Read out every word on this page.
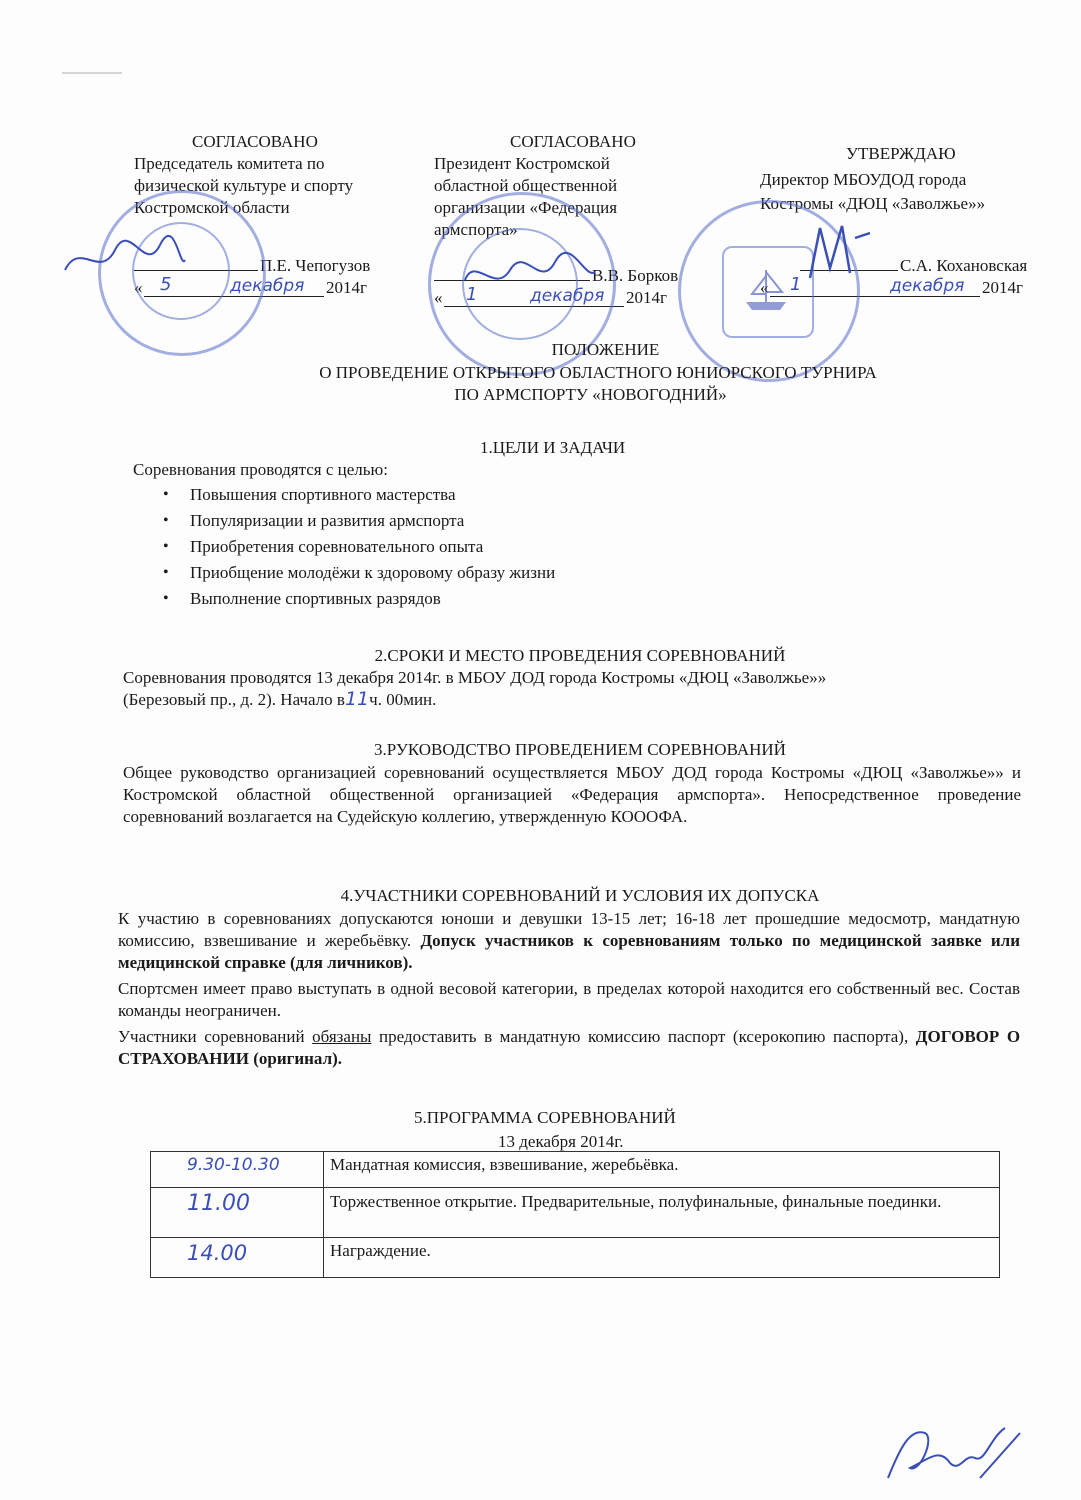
СОГЛАСОВАНО
Председатель комитета по
физической культуре и спорту
Костромской области
П.Е. Чепогузов
« 5	декабря 2014г
СОГЛАСОВАНО
Президент Костромской
областной общественной
организации «Федерация
армспорта»
В.В. Борков
« 1	декабря 2014г
УТВЕРЖДАЮ
Директор МБОУДОД города
Костромы «ДЮЦ «Заволжье»»
С.А. Кохановская
« 1	декабря 2014г
ПОЛОЖЕНИЕ
О ПРОВЕДЕНИЕ ОТКРЫТОГО ОБЛАСТНОГО ЮНИОРСКОГО ТУРНИРА
ПО АРМСПОРТУ «НОВОГОДНИЙ»
1.ЦЕЛИ И ЗАДАЧИ
Соревнования проводятся с целью:
• Повышения спортивного мастерства
• Популяризации и развития армспорта
• Приобретения соревновательного опыта
• Приобщение молодёжи к здоровому образу жизни
• Выполнение спортивных разрядов
2.СРОКИ И МЕСТО ПРОВЕДЕНИЯ СОРЕВНОВАНИЙ
Соревнования проводятся 13 декабря 2014г. в МБОУ ДОД города Костромы «ДЮЦ «Заволжье»»
(Березовый пр., д. 2). Начало в11ч. 00мин.
3.РУКОВОДСТВО ПРОВЕДЕНИЕМ СОРЕВНОВАНИЙ
Общее руководство организацией соревнований осуществляется МБОУ ДОД города Костромы «ДЮЦ «Заволжье»» и Костромской областной общественной организацией «Федерация армспорта». Непосредственное проведение соревнований возлагается на Судейскую коллегию, утвержденную КОООФА.
4.УЧАСТНИКИ СОРЕВНОВАНИЙ И УСЛОВИЯ ИХ ДОПУСКА
К участию в соревнованиях допускаются юноши и девушки 13-15 лет; 16-18 лет прошедшие медосмотр, мандатную комиссию, взвешивание и жеребьёвку. Допуск участников к соревнованиям только по медицинской заявке или медицинской справке (для личников).
Спортсмен имеет право выступать в одной весовой категории, в пределах которой находится его собственный вес. Состав команды неограничен.
Участники соревнований обязаны предоставить в мандатную комиссию паспорт (ксерокопию паспорта), ДОГОВОР О СТРАХОВАНИИ (оригинал).
5.ПРОГРАММА СОРЕВНОВАНИЙ
13 декабря 2014г.
9.30-10.30	Мандатная комиссия, взвешивание, жеребьёвка.
11.00	Торжественное открытие. Предварительные, полуфинальные, финальные поединки.
14.00	Награждение.
